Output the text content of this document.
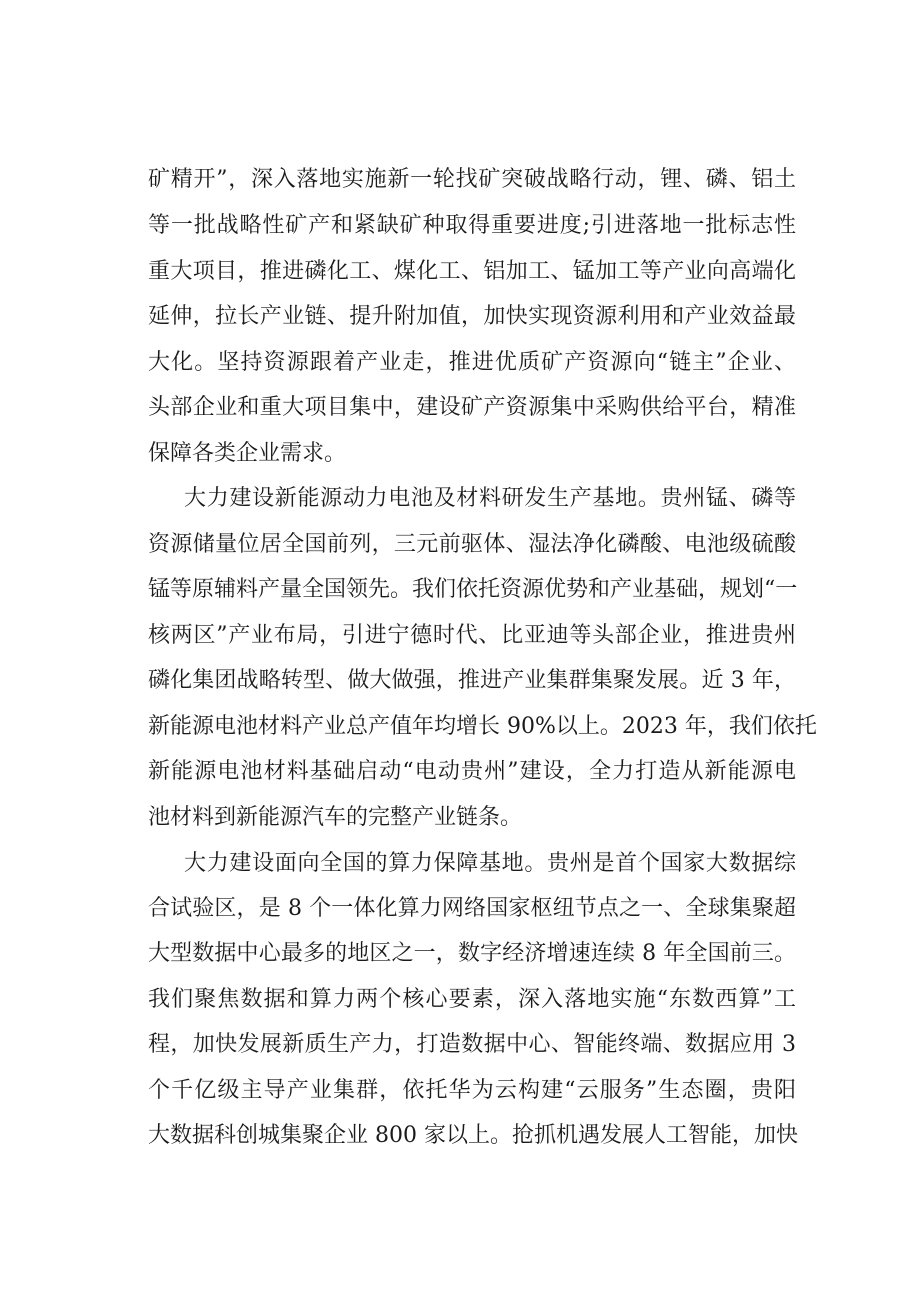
矿精开”，深入落地实施新一轮找矿突破战略行动，锂、磷、铝土
等一批战略性矿产和紧缺矿种取得重要进度;引进落地一批标志性
重大项目，推进磷化工、煤化工、铝加工、锰加工等产业向高端化
延伸，拉长产业链、提升附加值，加快实现资源利用和产业效益最
大化。坚持资源跟着产业走，推进优质矿产资源向“链主”企业、
头部企业和重大项目集中，建设矿产资源集中采购供给平台，精准
保障各类企业需求。
大力建设新能源动力电池及材料研发生产基地。贵州锰、磷等
资源储量位居全国前列，三元前驱体、湿法净化磷酸、电池级硫酸
锰等原辅料产量全国领先。我们依托资源优势和产业基础，规划“一
核两区”产业布局，引进宁德时代、比亚迪等头部企业，推进贵州
磷化集团战略转型、做大做强，推进产业集群集聚发展。近 3 年，
新能源电池材料产业总产值年均增长 90%以上。2023 年，我们依托
新能源电池材料基础启动“电动贵州”建设，全力打造从新能源电
池材料到新能源汽车的完整产业链条。
大力建设面向全国的算力保障基地。贵州是首个国家大数据综
合试验区，是 8 个一体化算力网络国家枢纽节点之一、全球集聚超
大型数据中心最多的地区之一，数字经济增速连续 8 年全国前三。
我们聚焦数据和算力两个核心要素，深入落地实施“东数西算”工
程，加快发展新质生产力，打造数据中心、智能终端、数据应用 3
个千亿级主导产业集群，依托华为云构建“云服务”生态圈，贵阳
大数据科创城集聚企业 800 家以上。抢抓机遇发展人工智能，加快
